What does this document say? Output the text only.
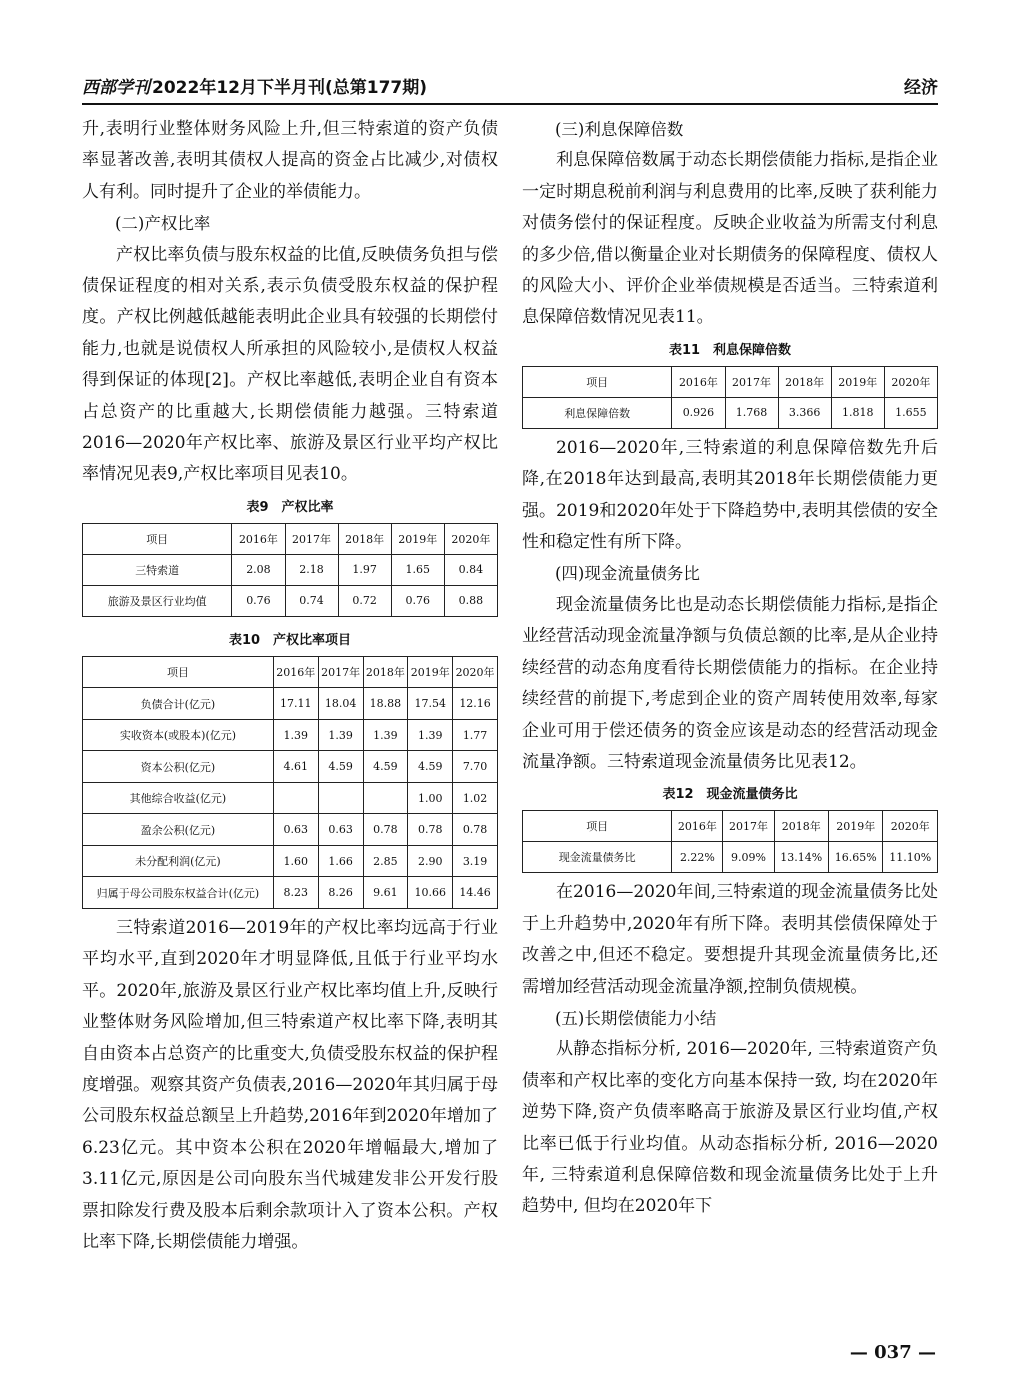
西部学刊 2022年12月下半月刊(总第177期)	经济

升,表明行业整体财务风险上升,但三特索道的资产负债率显著改善,表明其债权人提高的资金占比减少,对债权人有利。同时提升了企业的举债能力。

(二)产权比率

产权比率负债与股东权益的比值,反映债务负担与偿债保证程度的相对关系,表示负债受股东权益的保护程度。产权比例越低越能表明此企业具有较强的长期偿付能力,也就是说债权人所承担的风险较小,是债权人权益得到保证的体现[2]。产权比率越低,表明企业自有资本占总资产的比重越大,长期偿债能力越强。三特索道2016—2020年产权比率、旅游及景区行业平均产权比率情况见表9,产权比率项目见表10。

表9　产权比率
项目	2016年	2017年	2018年	2019年	2020年
三特索道	2.08	2.18	1.97	1.65	0.84
旅游及景区行业均值	0.76	0.74	0.72	0.76	0.88
表10　产权比率项目
项目	2016年	2017年	2018年	2019年	2020年
负债合计(亿元)	17.11	18.04	18.88	17.54	12.16
实收资本(或股本)(亿元)	1.39	1.39	1.39	1.39	1.77
资本公积(亿元)	4.61	4.59	4.59	4.59	7.70
其他综合收益(亿元)				1.00	1.02
盈余公积(亿元)	0.63	0.63	0.78	0.78	0.78
未分配利润(亿元)	1.60	1.66	2.85	2.90	3.19
归属于母公司股东权益合计(亿元)	8.23	8.26	9.61	10.66	14.46

三特索道2016—2019年的产权比率均远高于行业平均水平,直到2020年才明显降低,且低于行业平均水平。2020年,旅游及景区行业产权比率均值上升,反映行业整体财务风险增加,但三特索道产权比率下降,表明其自由资本占总资产的比重变大,负债受股东权益的保护程度增强。观察其资产负债表,2016—2020年其归属于母公司股东权益总额呈上升趋势,2016年到2020年增加了6.23亿元。其中资本公积在2020年增幅最大,增加了3.11亿元,原因是公司向股东当代城建发非公开发行股票扣除发行费及股本后剩余款项计入了资本公积。产权比率下降,长期偿债能力增强。

(三)利息保障倍数

利息保障倍数属于动态长期偿债能力指标,是指企业一定时期息税前利润与利息费用的比率,反映了获利能力对债务偿付的保证程度。反映企业收益为所需支付利息的多少倍,借以衡量企业对长期债务的保障程度、债权人的风险大小、评价企业举债规模是否适当。三特索道利息保障倍数情况见表11。

表11　利息保障倍数
项目	2016年	2017年	2018年	2019年	2020年
利息保障倍数	0.926	1.768	3.366	1.818	1.655

2016—2020年,三特索道的利息保障倍数先升后降,在2018年达到最高,表明其2018年长期偿债能力更强。2019和2020年处于下降趋势中,表明其偿债的安全性和稳定性有所下降。

(四)现金流量债务比

现金流量债务比也是动态长期偿债能力指标,是指企业经营活动现金流量净额与负债总额的比率,是从企业持续经营的动态角度看待长期偿债能力的指标。在企业持续经营的前提下,考虑到企业的资产周转使用效率,每家企业可用于偿还债务的资金应该是动态的经营活动现金流量净额。三特索道现金流量债务比见表12。

表12　现金流量债务比
项目	2016年	2017年	2018年	2019年	2020年
现金流量债务比	2.22%	9.09%	13.14%	16.65%	11.10%

在2016—2020年间,三特索道的现金流量债务比处于上升趋势中,2020年有所下降。表明其偿债保障处于改善之中,但还不稳定。要想提升其现金流量债务比,还需增加经营活动现金流量净额,控制负债规模。

(五)长期偿债能力小结

从静态指标分析, 2016—2020年, 三特索道资产负债率和产权比率的变化方向基本保持一致, 均在2020年逆势下降,资产负债率略高于旅游及景区行业均值,产权比率已低于行业均值。从动态指标分析, 2016—2020年, 三特索道利息保障倍数和现金流量债务比处于上升趋势中, 但均在2020年下

— 037 —
